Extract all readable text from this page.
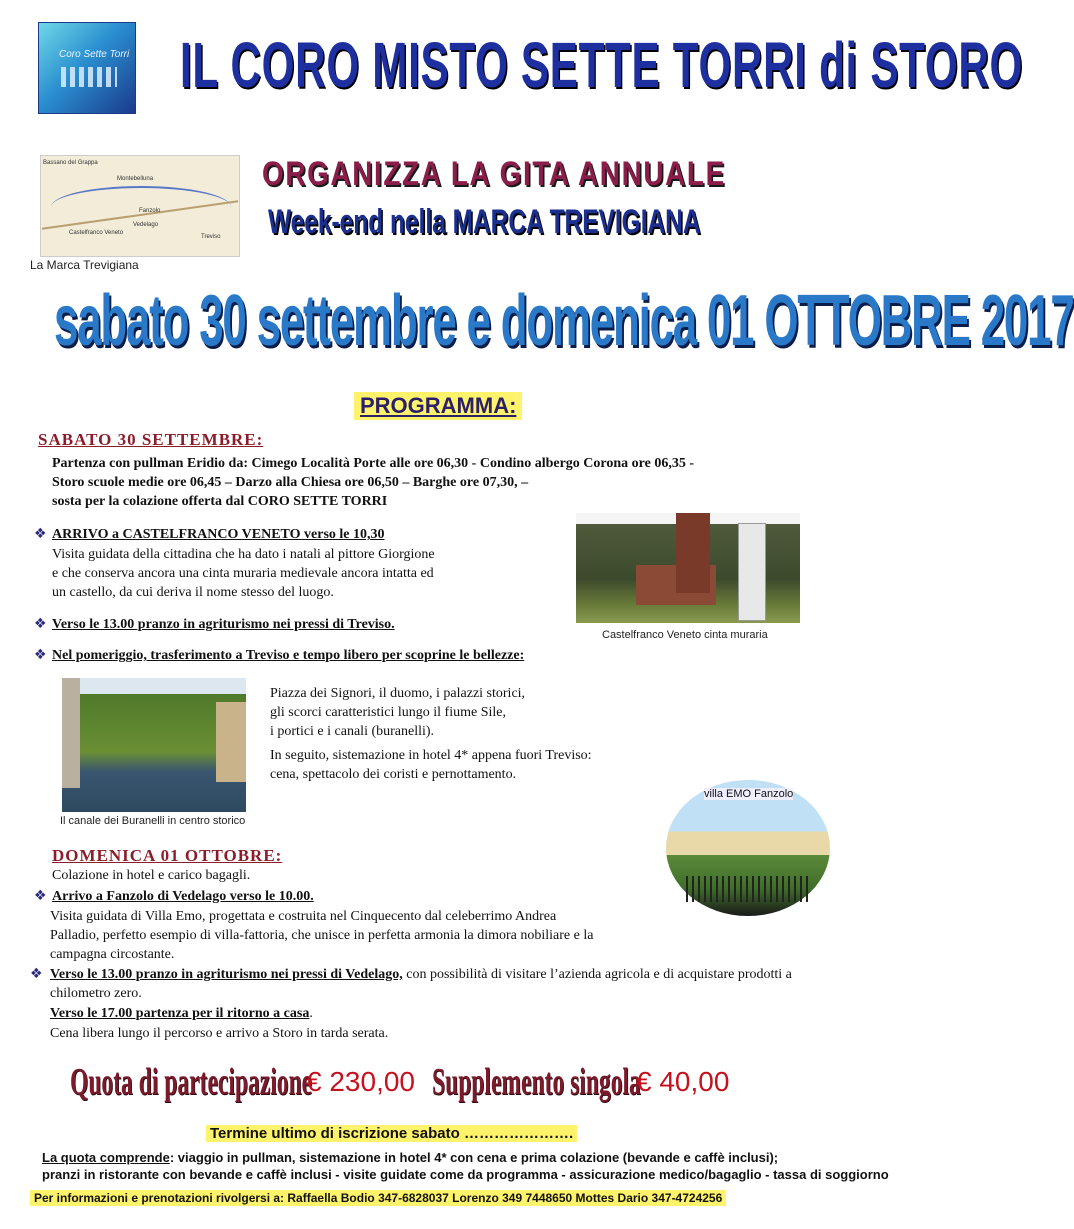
Coro Sette Torri IL CORO MISTO SETTE TORRI di STORO
Bassano del Grappa
Montebelluna
Castelfranco Veneto
Treviso
Fanzolo
Vedelago
La Marca Trevigiana
ORGANIZZA LA GITA ANNUALE
Week-end nella MARCA TREVIGIANA
sabato 30 settembre e domenica 01 OTTOBRE 2017
PROGRAMMA:
SABATO 30 SETTEMBRE:
Partenza con pullman Eridio da: Cimego Località Porte alle ore 06,30 - Condino albergo Corona ore 06,35 -
Storo scuole medie ore 06,45 – Darzo alla Chiesa ore 06,50 – Barghe ore 07,30, –
sosta per la colazione offerta dal CORO SETTE TORRI
❖ ARRIVO a CASTELFRANCO VENETO verso le 10,30
Visita guidata della cittadina che ha dato i natali al pittore Giorgione
e che conserva ancora una cinta muraria medievale ancora intatta ed
un castello, da cui deriva il nome stesso del luogo.
Castelfranco Veneto cinta muraria
❖ Verso le 13.00 pranzo in agriturismo nei pressi di Treviso.
❖ Nel pomeriggio, trasferimento a Treviso e tempo libero per scoprine le bellezze:
Il canale dei Buranelli in centro storico
Piazza dei Signori, il duomo, i palazzi storici,
gli scorci caratteristici lungo il fiume Sile,
i portici e i canali (buranelli).
In seguito, sistemazione in hotel 4* appena fuori Treviso:
cena, spettacolo dei coristi e pernottamento.
villa EMO Fanzolo
DOMENICA 01 OTTOBRE:
Colazione in hotel e carico bagagli.
❖ Arrivo a Fanzolo di Vedelago verso le 10.00.
Visita guidata di Villa Emo, progettata e costruita nel Cinquecento dal celeberrimo Andrea
Palladio, perfetto esempio di villa-fattoria, che unisce in perfetta armonia la dimora nobiliare e la
campagna circostante.
❖ Verso le 13.00 pranzo in agriturismo nei pressi di Vedelago, con possibilità di visitare l’azienda agricola e di acquistare prodotti a
chilometro zero.
Verso le 17.00 partenza per il ritorno a casa.
Cena libera lungo il percorso e arrivo a Storo in tarda serata.
Quota di partecipazione
€ 230,00 Supplemento singola
€ 40,00
Termine ultimo di iscrizione sabato ………………….
La quota comprende: viaggio in pullman, sistemazione in hotel 4* con cena e prima colazione (bevande e caffè inclusi);
pranzi in ristorante con bevande e caffè inclusi - visite guidate come da programma - assicurazione medico/bagaglio - tassa di soggiorno
Per informazioni e prenotazioni rivolgersi a: Raffaella Bodio 347-6828037 Lorenzo 349 7448650 Mottes Dario 347-4724256
